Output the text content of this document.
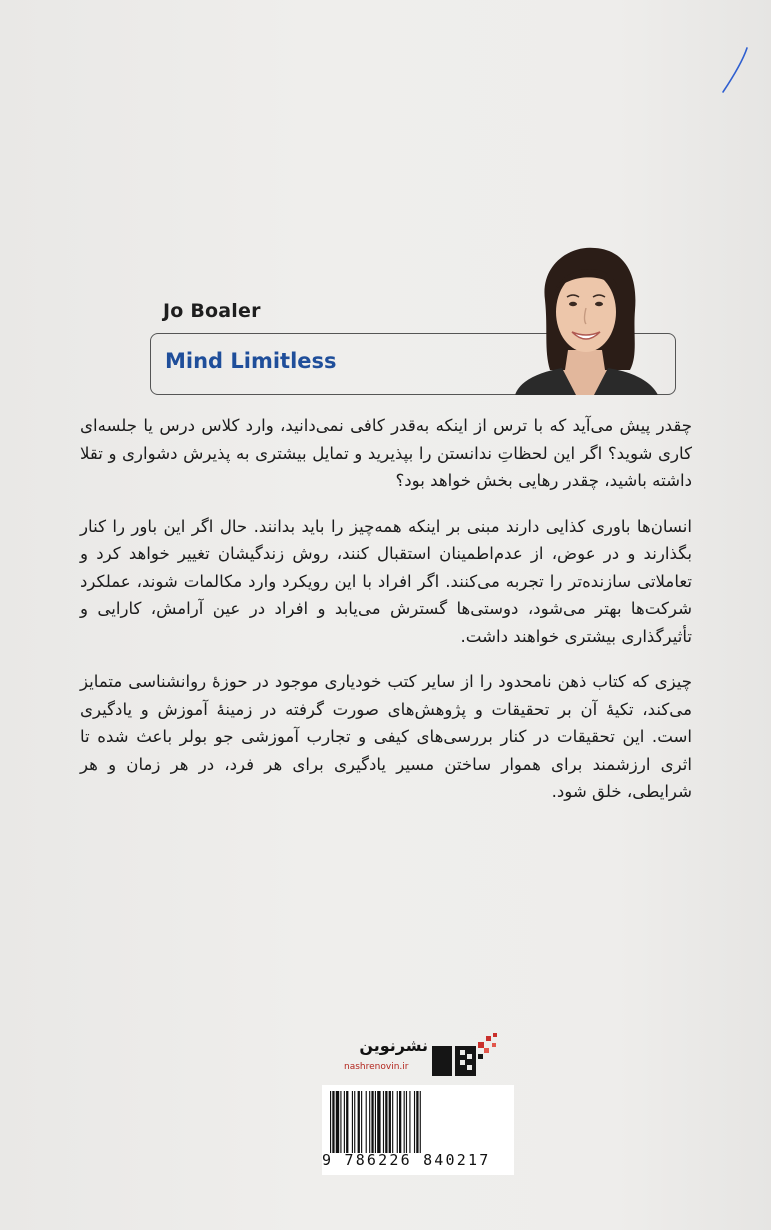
Jo Boaler
Mind Limitless

چقدر پیش می‌آید که با ترس از اینکه به‌قدر کافی نمی‌دانید، وارد کلاس درس یا جلسه‌ای کاری شوید؟ اگر این لحظاتِ ندانستن را بپذیرید و تمایل بیشتری به پذیرش دشواری و تقلا داشته باشید، چقدر رهایی بخش خواهد بود؟

انسان‌ها باوری کذایی دارند مبنی بر اینکه همه‌چیز را باید بدانند. حال اگر این باور را کنار بگذارند و در عوض، از عدم‌اطمینان استقبال کنند، روش زندگیشان تغییر خواهد کرد و تعاملاتی سازنده‌تر را تجربه می‌کنند. اگر افراد با این رویکرد وارد مکالمات شوند، عملکرد شرکت‌ها بهتر می‌شود، دوستی‌ها گسترش می‌یابد و افراد در عین آرامش، کارایی و تأثیرگذاری بیشتری خواهند داشت.

چیزی که کتاب ذهن نامحدود را از سایر کتب خودیاری موجود در حوزهٔ روانشناسی متمایز می‌کند، تکیهٔ آن بر تحقیقات و پژوهش‌های صورت گرفته در زمینهٔ آموزش و یادگیری است. این تحقیقات در کنار بررسی‌های کیفی و تجارب آموزشی جو بولر باعث شده تا اثری ارزشمند برای هموار ساختن مسیر یادگیری برای هر فرد، در هر زمان و هر شرایطی، خلق شود.

نشرنوین
nashrenovin.ir
9 786226 840217
